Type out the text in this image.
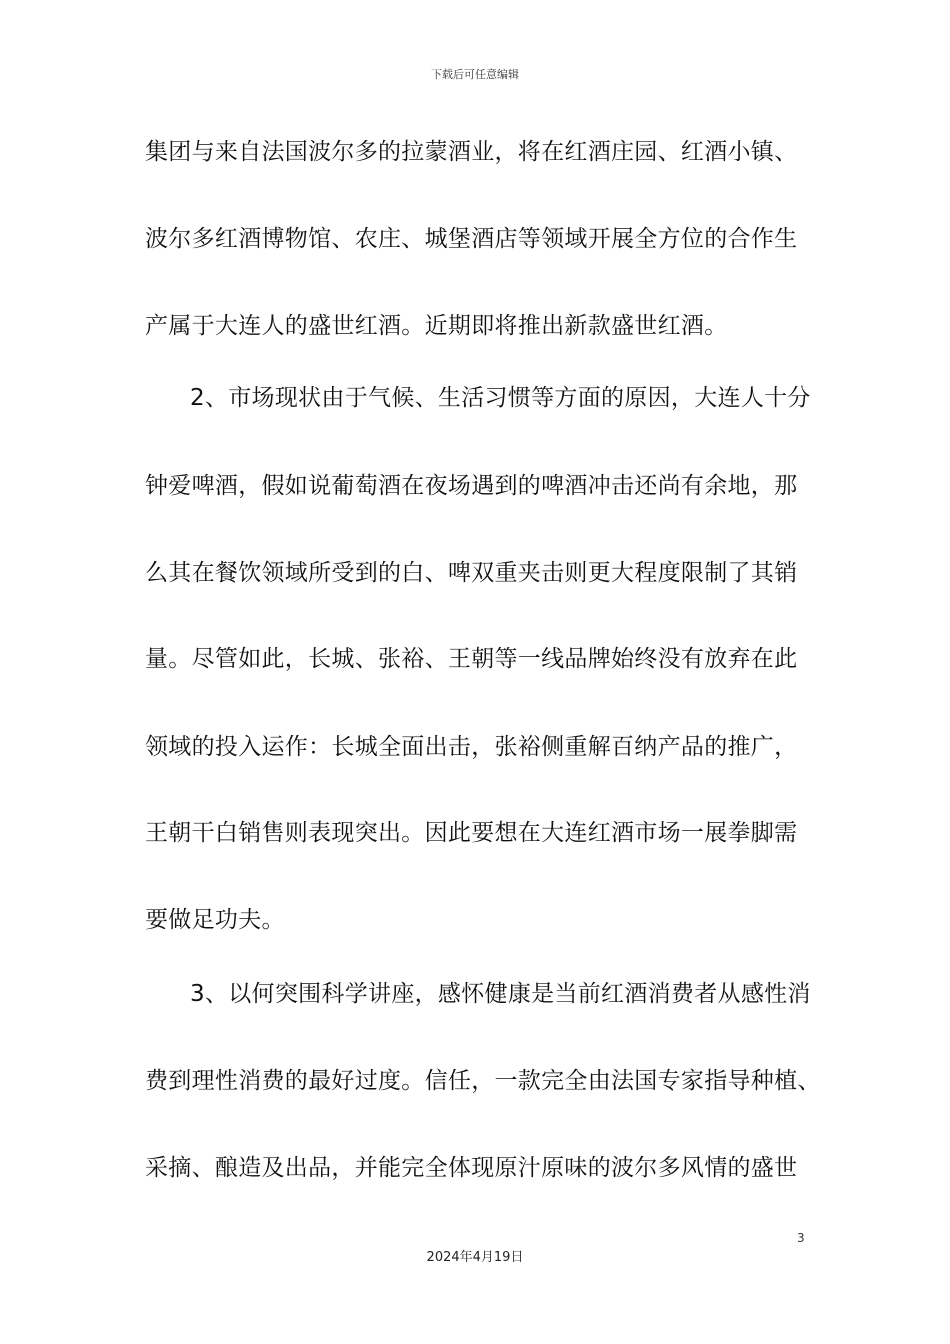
下载后可任意编辑
集团与来自法国波尔多的拉蒙酒业，将在红酒庄园、红酒小镇、
波尔多红酒博物馆、农庄、城堡酒店等领域开展全方位的合作生
产属于大连人的盛世红酒。近期即将推出新款盛世红酒。
2、市场现状由于气候、生活习惯等方面的原因，大连人十分
钟爱啤酒，假如说葡萄酒在夜场遇到的啤酒冲击还尚有余地，那
么其在餐饮领域所受到的白、啤双重夹击则更大程度限制了其销
量。尽管如此，长城、张裕、王朝等一线品牌始终没有放弃在此
领域的投入运作：长城全面出击，张裕侧重解百纳产品的推广，
王朝干白销售则表现突出。因此要想在大连红酒市场一展拳脚需
要做足功夫。
3、以何突围科学讲座，感怀健康是当前红酒消费者从感性消
费到理性消费的最好过度。信任，一款完全由法国专家指导种植、
采摘、酿造及出品，并能完全体现原汁原味的波尔多风情的盛世
3
2024年4月19日
